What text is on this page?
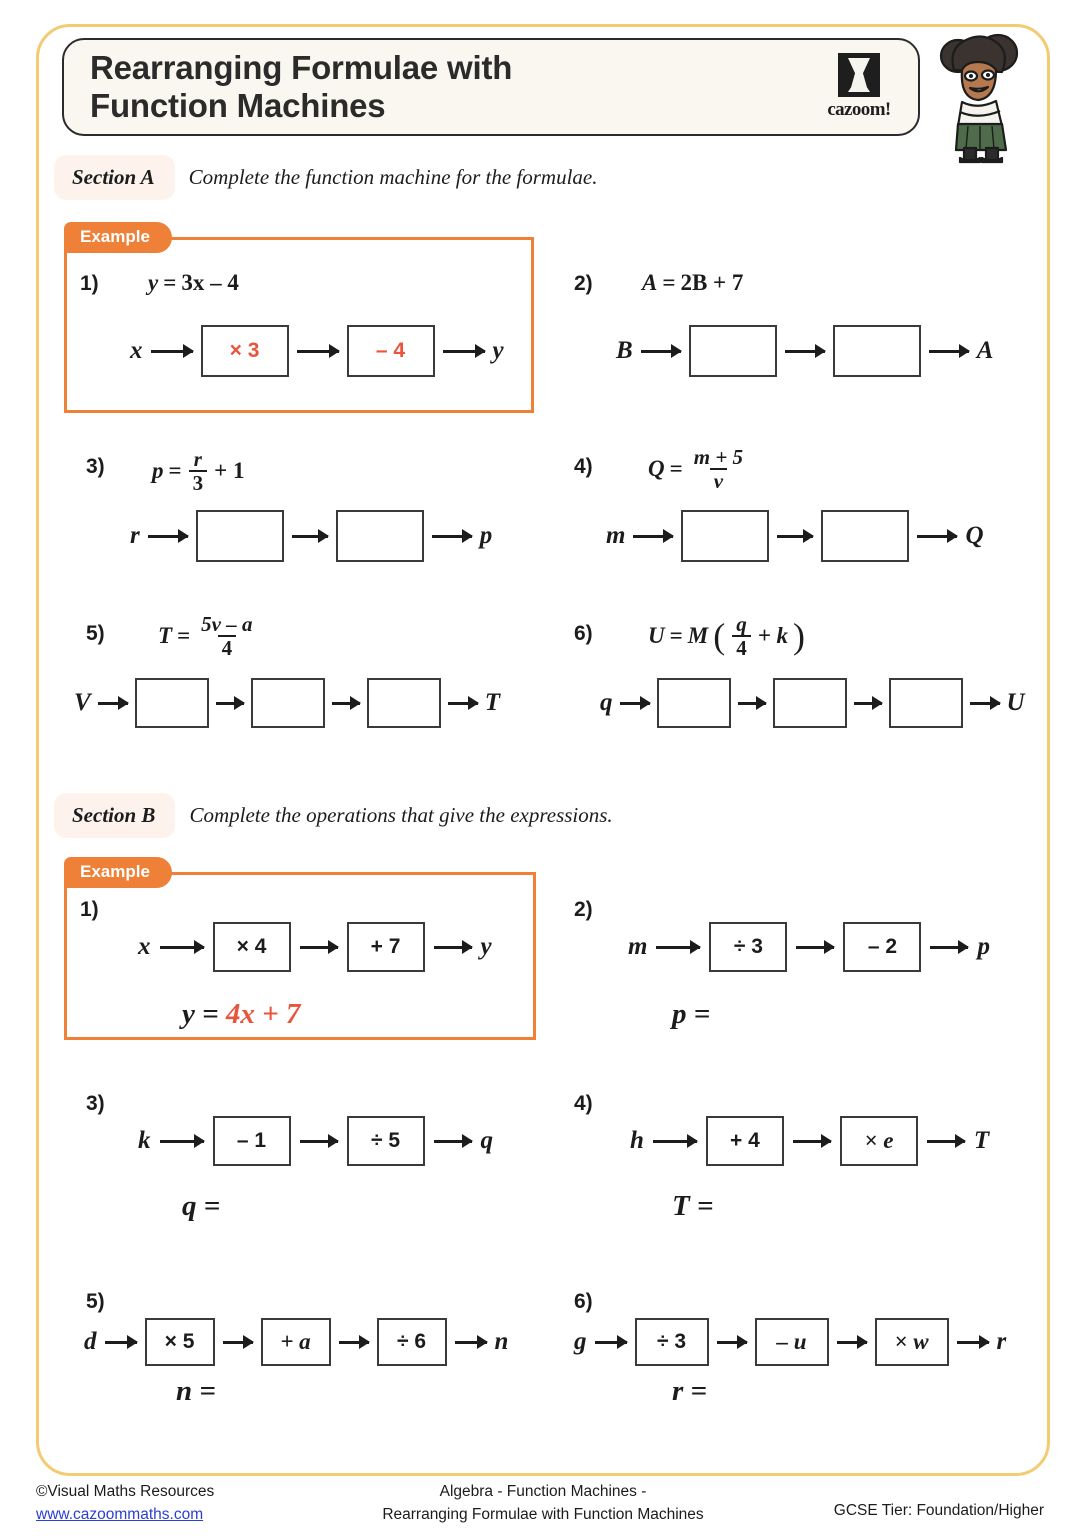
Rearranging Formulae with
Function Machines	cazoom!
Section A	Complete the function machine for the formulae.
Example
1) y = 3x – 4
x	× 3	– 4	y
2) A = 2B + 7
B	A
3) $p = \frac{r}{3} + 1$
r	p
4) $Q = \frac{m + 5}{v}$
m	Q
5) $T = \frac{5v - a}{4}$
V	T
6) U = M ( $\frac{q}{4} + k$ )
q	U
Section B	Complete the operations that give the expressions.
Example
1)
x	× 4	+ 7	y
y = 4x + 7
2)
m	÷ 3	– 2	p
p =
3)
k	– 1	÷ 5	q
q =
4)
h	+ 4	× e	T
T =
5)
d	× 5	+ a	÷ 6	n
n =
6)
g	÷ 3	– u	× w	r
r =
©Visual Maths Resources
www.cazoommaths.com
Algebra - Function Machines -
Rearranging Formulae with Function Machines	GCSE Tier: Foundation/Higher
